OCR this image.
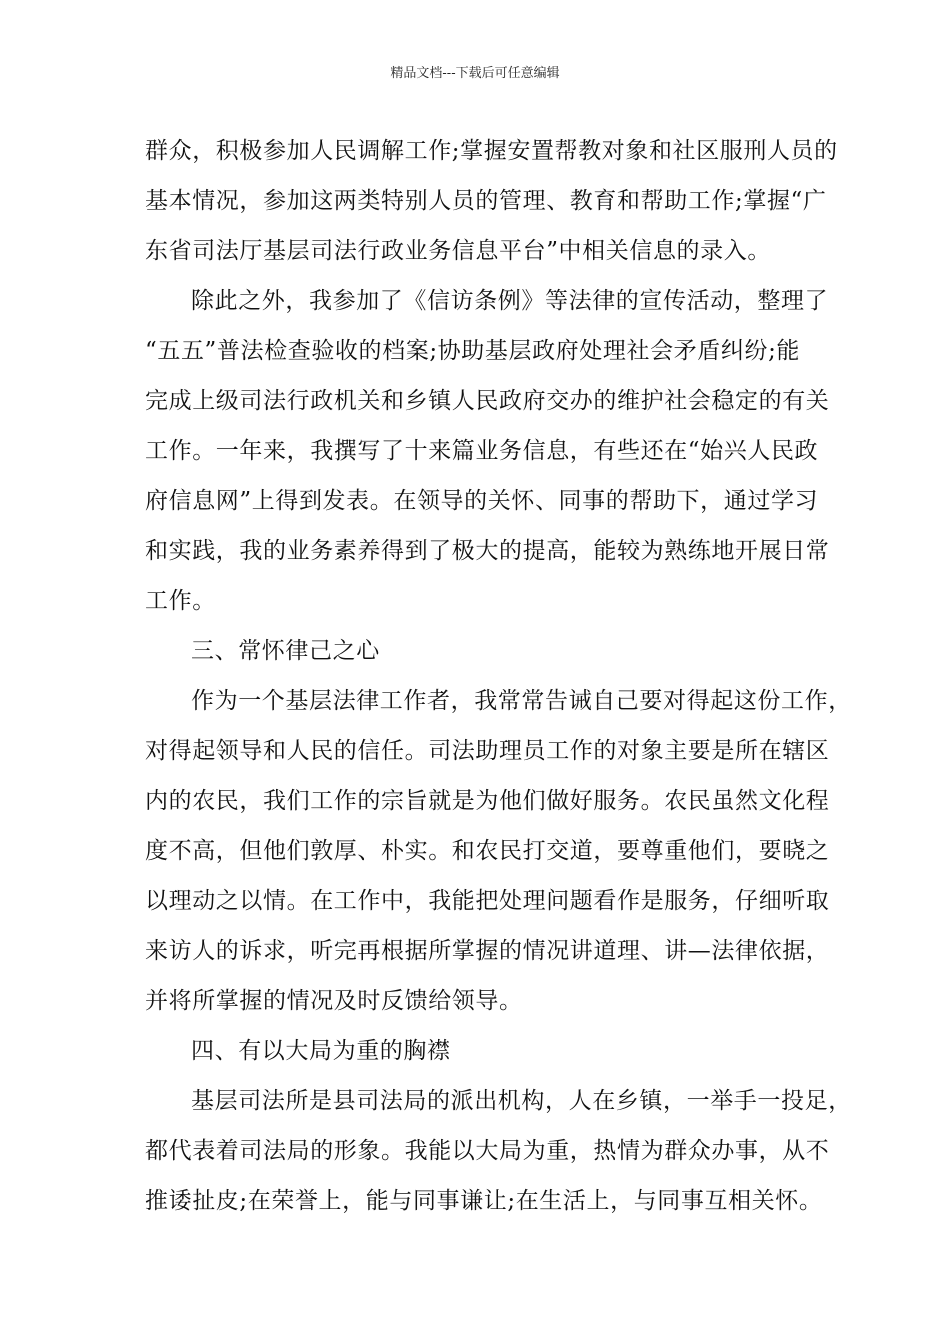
精品文档---下载后可任意编辑
群众，积极参加人民调解工作;掌握安置帮教对象和社区服刑人员的
基本情况，参加这两类特别人员的管理、教育和帮助工作;掌握“广
东省司法厅基层司法行政业务信息平台”中相关信息的录入。
除此之外，我参加了《信访条例》等法律的宣传活动，整理了
“五五”普法检查验收的档案;协助基层政府处理社会矛盾纠纷;能
完成上级司法行政机关和乡镇人民政府交办的维护社会稳定的有关
工作。一年来，我撰写了十来篇业务信息，有些还在“始兴人民政
府信息网”上得到发表。在领导的关怀、同事的帮助下，通过学习
和实践，我的业务素养得到了极大的提高，能较为熟练地开展日常
工作。
三、常怀律己之心
作为一个基层法律工作者，我常常告诫自己要对得起这份工作，
对得起领导和人民的信任。司法助理员工作的对象主要是所在辖区
内的农民，我们工作的宗旨就是为他们做好服务。农民虽然文化程
度不高，但他们敦厚、朴实。和农民打交道，要尊重他们，要晓之
以理动之以情。在工作中，我能把处理问题看作是服务，仔细听取
来访人的诉求，听完再根据所掌握的情况讲道理、讲—法律依据，
并将所掌握的情况及时反馈给领导。
四、有以大局为重的胸襟
基层司法所是县司法局的派出机构，人在乡镇，一举手一投足，
都代表着司法局的形象。我能以大局为重，热情为群众办事，从不
推诿扯皮;在荣誉上，能与同事谦让;在生活上，与同事互相关怀。
